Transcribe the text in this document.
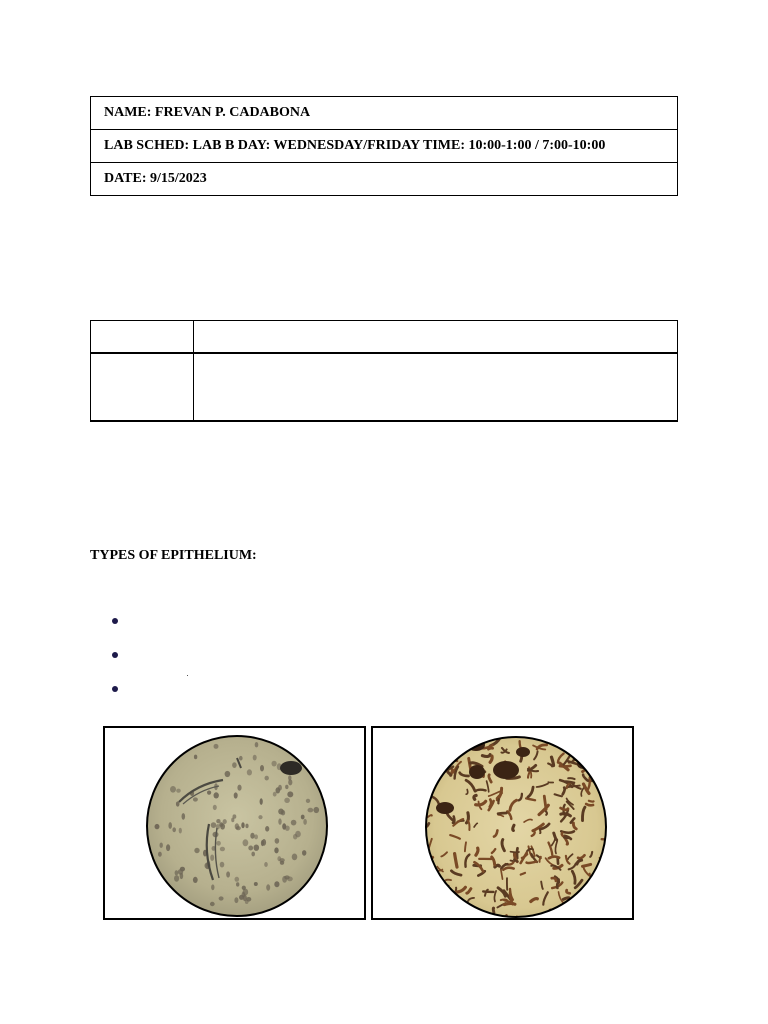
NAME: FREVAN P. CADABONA
LAB SCHED: LAB B DAY: WEDNESDAY/FRIDAY TIME: 10:00-1:00 / 7:00-10:00
DATE: 9/15/2023

TYPES OF EPITHELIUM:
